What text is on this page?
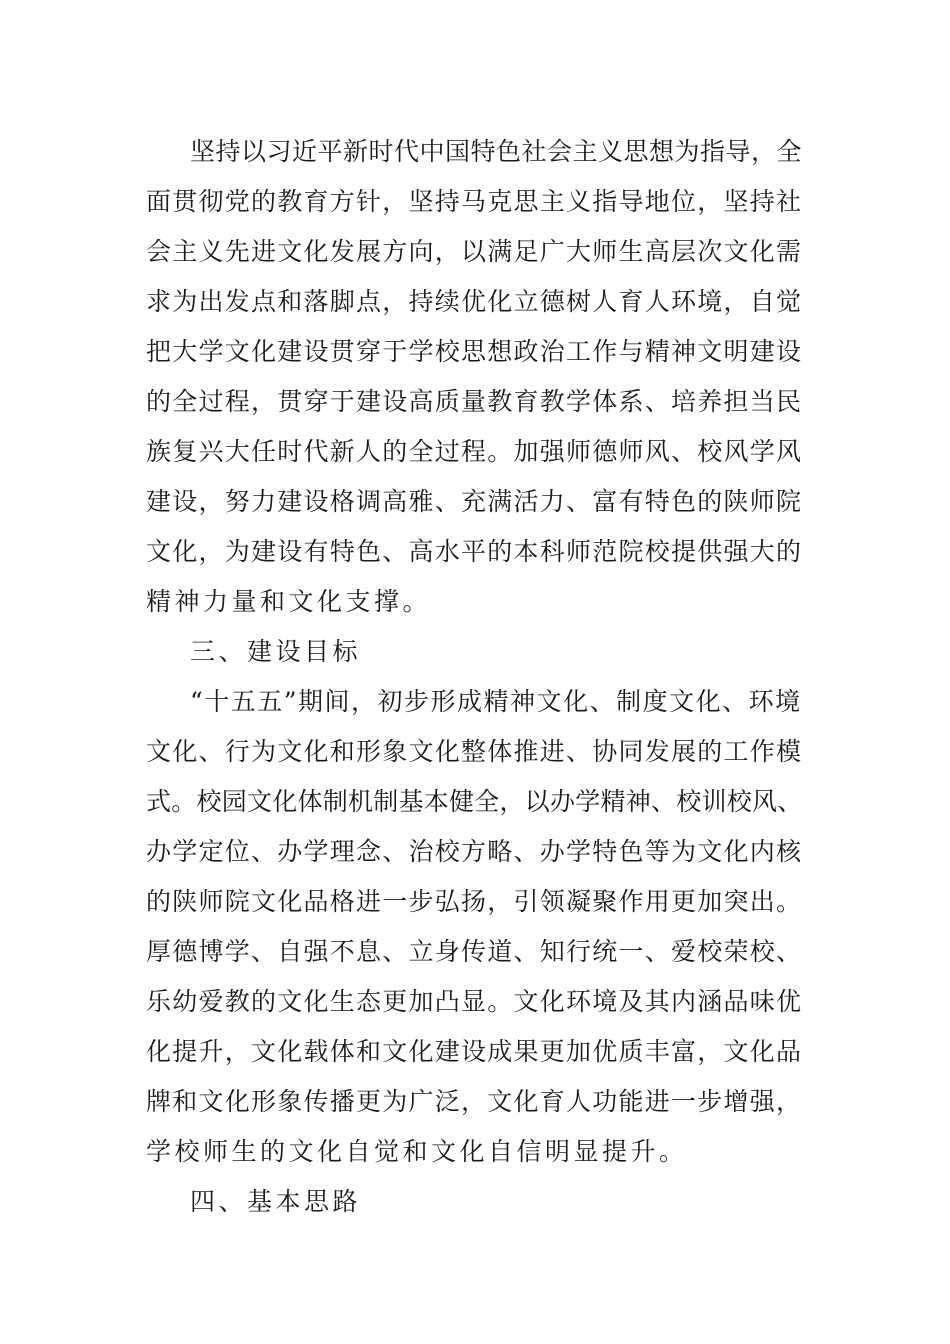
坚持以习近平新时代中国特色社会主义思想为指导，全
面贯彻党的教育方针，坚持马克思主义指导地位，坚持社
会主义先进文化发展方向，以满足广大师生高层次文化需
求为出发点和落脚点，持续优化立德树人育人环境，自觉
把大学文化建设贯穿于学校思想政治工作与精神文明建设
的全过程，贯穿于建设高质量教育教学体系、培养担当民
族复兴大任时代新人的全过程。加强师德师风、校风学风
建设，努力建设格调高雅、充满活力、富有特色的陕师院
文化，为建设有特色、高水平的本科师范院校提供强大的
精神力量和文化支撑。
三、建设目标
“十五五”期间，初步形成精神文化、制度文化、环境
文化、行为文化和形象文化整体推进、协同发展的工作模
式。校园文化体制机制基本健全，以办学精神、校训校风、
办学定位、办学理念、治校方略、办学特色等为文化内核
的陕师院文化品格进一步弘扬，引领凝聚作用更加突出。
厚德博学、自强不息、立身传道、知行统一、爱校荣校、
乐幼爱教的文化生态更加凸显。文化环境及其内涵品味优
化提升，文化载体和文化建设成果更加优质丰富，文化品
牌和文化形象传播更为广泛，文化育人功能进一步增强，
学校师生的文化自觉和文化自信明显提升。
四、基本思路
